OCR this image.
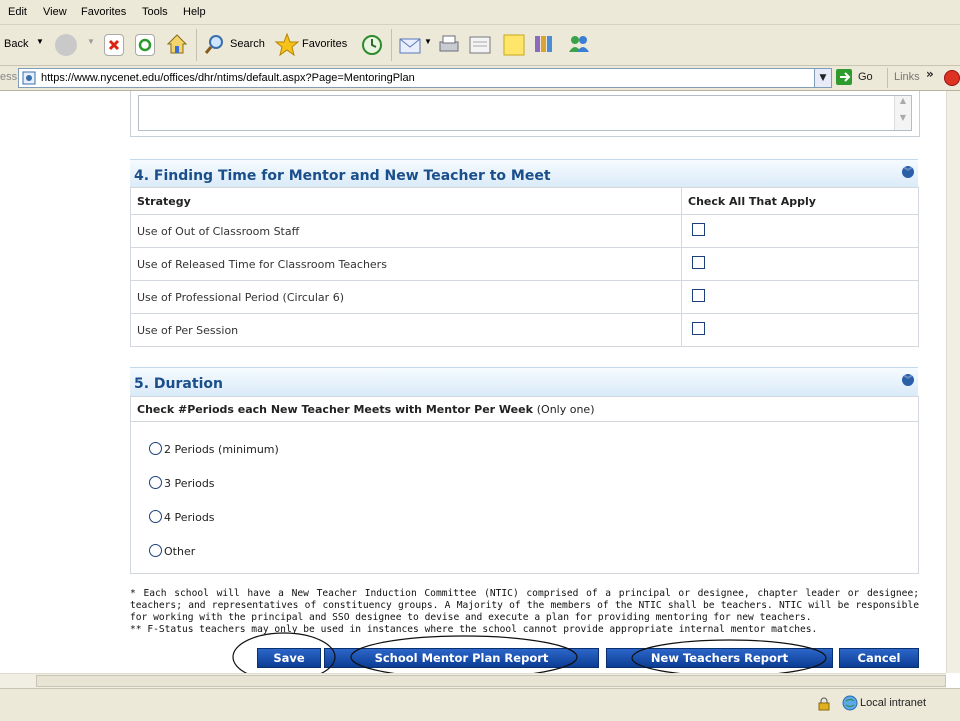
Edit View Favorites Tools Help
Back ▼	▼	Search	Favorites	▼
ess https://www.nycenet.edu/offices/dhr/ntims/default.aspx?Page=MentoringPlan	▼	Go Links »
▲
▼
4. Finding Time for Mentor and New Teacher to Meet	︾
Strategy	Check All That Apply
Use of Out of Classroom Staff	
Use of Released Time for Classroom Teachers	
Use of Professional Period (Circular 6)	
Use of Per Session	
5. Duration	︾
Check #Periods each New Teacher Meets with Mentor Per Week (Only one)
2 Periods (minimum)
3 Periods
4 Periods
Other
* Each school will have a New Teacher Induction Committee (NTIC) comprised of a principal or designee, chapter leader or designee; teachers; and representatives of constituency groups. A Majority of the members of the NTIC shall be teachers. NTIC will be responsible for working with the principal and SSO designee to devise and execute a plan for providing mentoring for new teachers.
** F-Status teachers may only be used in instances where the school cannot provide appropriate internal mentor matches.
Save	School Mentor Plan Report	New Teachers Report	Cancel
Local intranet
